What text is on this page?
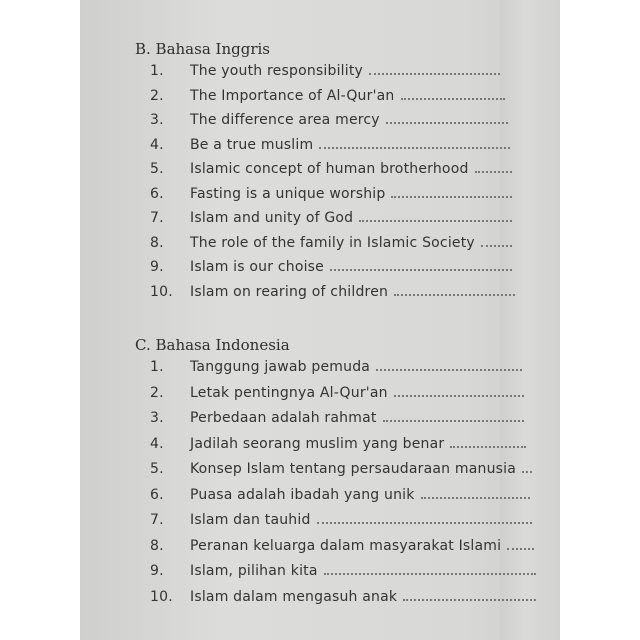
B. Bahasa Inggris
1.	The youth responsibility
2.	The Importance of Al-Qur'an
3.	The difference area mercy
4.	Be a true muslim
5.	Islamic concept of human brotherhood
6.	Fasting is a unique worship
7.	Islam and unity of God
8.	The role of the family in Islamic Society
9.	Islam is our choise
10.	Islam on rearing of children
C. Bahasa Indonesia
1.	Tanggung jawab pemuda
2.	Letak pentingnya Al-Qur'an
3.	Perbedaan adalah rahmat
4.	Jadilah seorang muslim yang benar
5.	Konsep Islam tentang persaudaraan manusia
6.	Puasa adalah ibadah yang unik
7.	Islam dan tauhid
8.	Peranan keluarga dalam masyarakat Islami
9.	Islam, pilihan kita
10.	Islam dalam mengasuh anak
